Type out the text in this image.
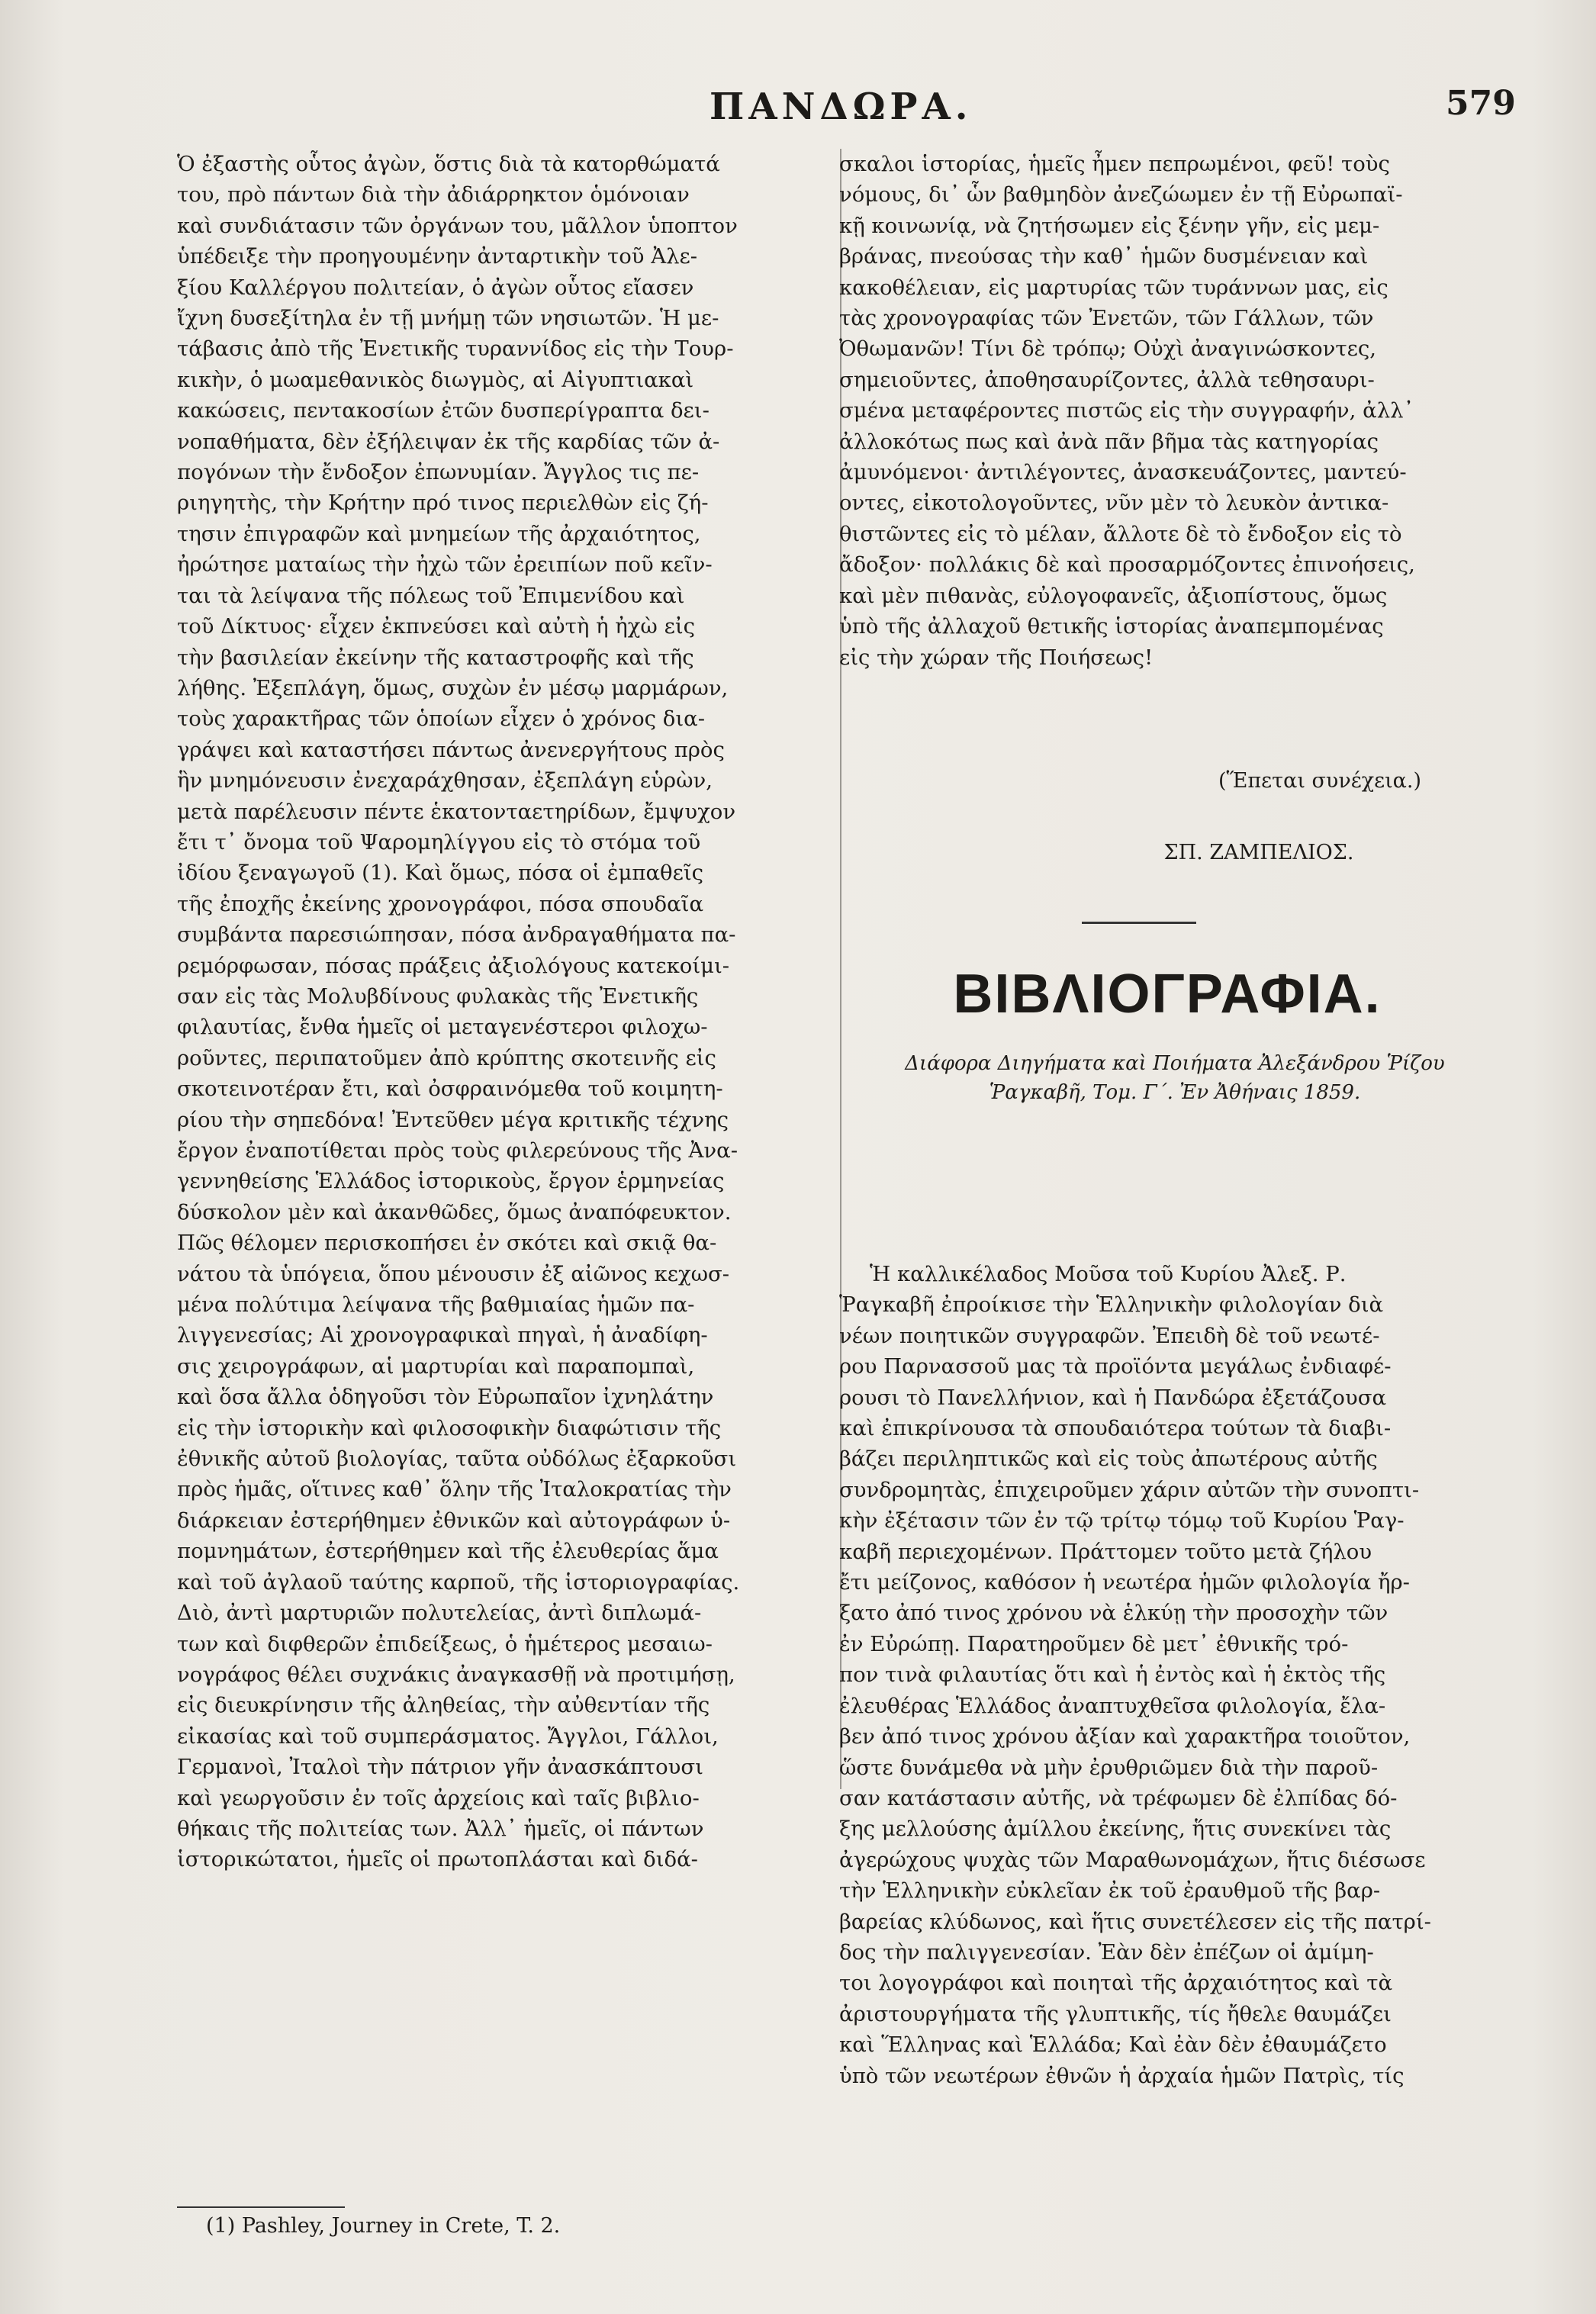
ΠΑΝΔΩΡΑ.	579
Ὁ ἐξαστὴς οὗτος ἀγὼν, ὅστις διὰ τὰ κατορθώματά
του, πρὸ πάντων διὰ τὴν ἀδιάρρηκτον ὁμόνοιαν
καὶ συνδιάτασιν τῶν ὀργάνων του, μᾶλλον ὑποπτον
ὑπέδειξε τὴν προηγουμένην ἀνταρτικὴν τοῦ Ἀλε-
ξίου Καλλέργου πολιτείαν, ὁ ἀγὼν οὗτος εἴασεν
ἴχνη δυσεξίτηλα ἐν τῇ μνήμῃ τῶν νησιωτῶν. Ἡ με-
τάβασις ἀπὸ τῆς Ἐνετικῆς τυραννίδος εἰς τὴν Τουρ-
κικὴν, ὁ μωαμεθανικὸς διωγμὸς, αἱ Αἰγυπτιακαὶ
κακώσεις, πεντακοσίων ἐτῶν δυσπερίγραπτα δει-
νοπαθήματα, δὲν ἐξήλειψαν ἐκ τῆς καρδίας τῶν ἀ-
πογόνων τὴν ἔνδοξον ἐπωνυμίαν. Ἄγγλος τις πε-
ριηγητὴς, τὴν Κρήτην πρό τινος περιελθὼν εἰς ζή-
τησιν ἐπιγραφῶν καὶ μνημείων τῆς ἀρχαιότητος,
ἠρώτησε ματαίως τὴν ἠχὼ τῶν ἐρειπίων ποῦ κεῖν-
ται τὰ λείψανα τῆς πόλεως τοῦ Ἐπιμενίδου καὶ
τοῦ Δίκτυος· εἶχεν ἐκπνεύσει καὶ αὐτὴ ἡ ἠχὼ εἰς
τὴν βασιλείαν ἐκείνην τῆς καταστροφῆς καὶ τῆς
λήθης. Ἐξεπλάγη, ὅμως, συχὼν ἐν μέσῳ μαρμάρων,
τοὺς χαρακτῆρας τῶν ὁποίων εἶχεν ὁ χρόνος δια-
γράψει καὶ καταστήσει πάντως ἀνενεργήτους πρὸς
ἣν μνημόνευσιν ἐνεχαράχθησαν, ἐξεπλάγη εὑρὼν,
μετὰ παρέλευσιν πέντε ἑκατονταετηρίδων, ἔμψυχον
ἔτι τ᾽ ὄνομα τοῦ Ψαρομηλίγγου εἰς τὸ στόμα τοῦ
ἰδίου ξεναγωγοῦ (1). Καὶ ὅμως, πόσα οἱ ἐμπαθεῖς
τῆς ἐποχῆς ἐκείνης χρονογράφοι, πόσα σπουδαῖα
συμβάντα παρεσιώπησαν, πόσα ἀνδραγαθήματα πα-
ρεμόρφωσαν, πόσας πράξεις ἀξιολόγους κατεκοίμι-
σαν εἰς τὰς Μολυβδίνους φυλακὰς τῆς Ἐνετικῆς
φιλαυτίας, ἔνθα ἡμεῖς οἱ μεταγενέστεροι φιλοχω-
ροῦντες, περιπατοῦμεν ἀπὸ κρύπτης σκοτεινῆς εἰς
σκοτεινοτέραν ἔτι, καὶ ὀσφραινόμεθα τοῦ κοιμητη-
ρίου τὴν σηπεδόνα! Ἐντεῦθεν μέγα κριτικῆς τέχνης
ἔργον ἐναποτίθεται πρὸς τοὺς φιλερεύνους τῆς Ἀνα-
γεννηθείσης Ἑλλάδος ἱστορικοὺς, ἔργον ἑρμηνείας
δύσκολον μὲν καὶ ἀκανθῶδες, ὅμως ἀναπόφευκτον.
Πῶς θέλομεν περισκοπήσει ἐν σκότει καὶ σκιᾷ θα-
νάτου τὰ ὑπόγεια, ὅπου μένουσιν ἐξ αἰῶνος κεχωσ-
μένα πολύτιμα λείψανα τῆς βαθμιαίας ἡμῶν πα-
λιγγενεσίας; Αἱ χρονογραφικαὶ πηγαὶ, ἡ ἀναδίφη-
σις χειρογράφων, αἱ μαρτυρίαι καὶ παραπομπαὶ,
καὶ ὅσα ἄλλα ὁδηγοῦσι τὸν Εὐρωπαῖον ἰχνηλάτην
εἰς τὴν ἱστορικὴν καὶ φιλοσοφικὴν διαφώτισιν τῆς
ἐθνικῆς αὐτοῦ βιολογίας, ταῦτα οὐδόλως ἐξαρκοῦσι
πρὸς ἡμᾶς, οἵτινες καθ᾽ ὅλην τῆς Ἰταλοκρατίας τὴν
διάρκειαν ἐστερήθημεν ἐθνικῶν καὶ αὐτογράφων ὑ-
πομνημάτων, ἐστερήθημεν καὶ τῆς ἐλευθερίας ἅμα
καὶ τοῦ ἀγλαοῦ ταύτης καρποῦ, τῆς ἱστοριογραφίας.
Διὸ, ἀντὶ μαρτυριῶν πολυτελείας, ἀντὶ διπλωμά-
των καὶ διφθερῶν ἐπιδείξεως, ὁ ἡμέτερος μεσαιω-
νογράφος θέλει συχνάκις ἀναγκασθῇ νὰ προτιμήσῃ,
εἰς διευκρίνησιν τῆς ἀληθείας, τὴν αὐθεντίαν τῆς
εἰκασίας καὶ τοῦ συμπεράσματος. Ἄγγλοι, Γάλλοι,
Γερμανοὶ, Ἰταλοὶ τὴν πάτριον γῆν ἀνασκάπτουσι
καὶ γεωργοῦσιν ἐν τοῖς ἀρχείοις καὶ ταῖς βιβλιο-
θήκαις τῆς πολιτείας των. Ἀλλ᾽ ἡμεῖς, οἱ πάντων
ἱστορικώτατοι, ἡμεῖς οἱ πρωτοπλάσται καὶ διδά-
σκαλοι ἱστορίας, ἡμεῖς ἦμεν πεπρωμένοι, φεῦ! τοὺς
νόμους, δι᾽ ὧν βαθμηδὸν ἀνεζώωμεν ἐν τῇ Εὐρωπαϊ-
κῇ κοινωνίᾳ, νὰ ζητήσωμεν εἰς ξένην γῆν, εἰς μεμ-
βράνας, πνεούσας τὴν καθ᾽ ἡμῶν δυσμένειαν καὶ
κακοθέλειαν, εἰς μαρτυρίας τῶν τυράννων μας, εἰς
τὰς χρονογραφίας τῶν Ἐνετῶν, τῶν Γάλλων, τῶν
Ὀθωμανῶν! Τίνι δὲ τρόπῳ; Οὐχὶ ἀναγινώσκοντες,
σημειοῦντες, ἀποθησαυρίζοντες, ἀλλὰ τεθησαυρι-
σμένα μεταφέροντες πιστῶς εἰς τὴν συγγραφήν, ἀλλ᾽
ἀλλοκότως πως καὶ ἀνὰ πᾶν βῆμα τὰς κατηγορίας
ἀμυνόμενοι· ἀντιλέγοντες, ἀνασκευάζοντες, μαντεύ-
οντες, εἰκοτολογοῦντες, νῦν μὲν τὸ λευκὸν ἀντικα-
θιστῶντες εἰς τὸ μέλαν, ἄλλοτε δὲ τὸ ἔνδοξον εἰς τὸ
ἄδοξον· πολλάκις δὲ καὶ προσαρμόζοντες ἐπινοήσεις,
καὶ μὲν πιθανὰς, εὐλογοφανεῖς, ἀξιοπίστους, ὅμως
ὑπὸ τῆς ἀλλαχοῦ θετικῆς ἱστορίας ἀναπεμπομένας
εἰς τὴν χώραν τῆς Ποιήσεως!
(Ἕπεται συνέχεια.)
ΣΠ. ΖΑΜΠΕΛΙΟΣ.
ΒΙΒΛΙΟΓΡΑΦΙΑ.
Διάφορα Διηγήματα καὶ Ποιήματα Ἀλεξάνδρου Ῥίζου
Ῥαγκαβῆ, Τομ. Γ΄. Ἐν Ἀθήναις 1859.
Ἡ καλλικέλαδος Μοῦσα τοῦ Κυρίου Ἀλεξ. Ρ.
Ῥαγκαβῆ ἐπροίκισε τὴν Ἑλληνικὴν φιλολογίαν διὰ
νέων ποιητικῶν συγγραφῶν. Ἐπειδὴ δὲ τοῦ νεωτέ-
ρου Παρνασσοῦ μας τὰ προϊόντα μεγάλως ἐνδιαφέ-
ρουσι τὸ Πανελλήνιον, καὶ ἡ Πανδώρα ἐξετάζουσα
καὶ ἐπικρίνουσα τὰ σπουδαιότερα τούτων τὰ διαβι-
βάζει περιληπτικῶς καὶ εἰς τοὺς ἀπωτέρους αὐτῆς
συνδρομητὰς, ἐπιχειροῦμεν χάριν αὐτῶν τὴν συνοπτι-
κὴν ἐξέτασιν τῶν ἐν τῷ τρίτῳ τόμῳ τοῦ Κυρίου Ῥαγ-
καβῆ περιεχομένων. Πράττομεν τοῦτο μετὰ ζήλου
ἔτι μείζονος, καθόσον ἡ νεωτέρα ἡμῶν φιλολογία ἤρ-
ξατο ἀπό τινος χρόνου νὰ ἑλκύῃ τὴν προσοχὴν τῶν
ἐν Εὐρώπῃ. Παρατηροῦμεν δὲ μετ᾽ ἐθνικῆς τρό-
πον τινὰ φιλαυτίας ὅτι καὶ ἡ ἐντὸς καὶ ἡ ἐκτὸς τῆς
ἐλευθέρας Ἑλλάδος ἀναπτυχθεῖσα φιλολογία, ἔλα-
βεν ἀπό τινος χρόνου ἀξίαν καὶ χαρακτῆρα τοιοῦτον,
ὥστε δυνάμεθα νὰ μὴν ἐρυθριῶμεν διὰ τὴν παροῦ-
σαν κατάστασιν αὐτῆς, νὰ τρέφωμεν δὲ ἐλπίδας δό-
ξης μελλούσης ἁμίλλου ἐκείνης, ἥτις συνεκίνει τὰς
ἀγερώχους ψυχὰς τῶν Μαραθωνομάχων, ἥτις διέσωσε
τὴν Ἑλληνικὴν εὐκλεῖαν ἐκ τοῦ ἐραυθμοῦ τῆς βαρ-
βαρείας κλύδωνος, καὶ ἥτις συνετέλεσεν εἰς τῆς πατρί-
δος τὴν παλιγγενεσίαν. Ἐὰν δὲν ἐπέζων οἱ ἀμίμη-
τοι λογογράφοι καὶ ποιηταὶ τῆς ἀρχαιότητος καὶ τὰ
ἀριστουργήματα τῆς γλυπτικῆς, τίς ἤθελε θαυμάζει
καὶ Ἕλληνας καὶ Ἑλλάδα; Καὶ ἐὰν δὲν ἐθαυμάζετο
ὑπὸ τῶν νεωτέρων ἐθνῶν ἡ ἀρχαία ἡμῶν Πατρὶς, τίς
(1) Pashley, Journey in Crete, T. 2.
